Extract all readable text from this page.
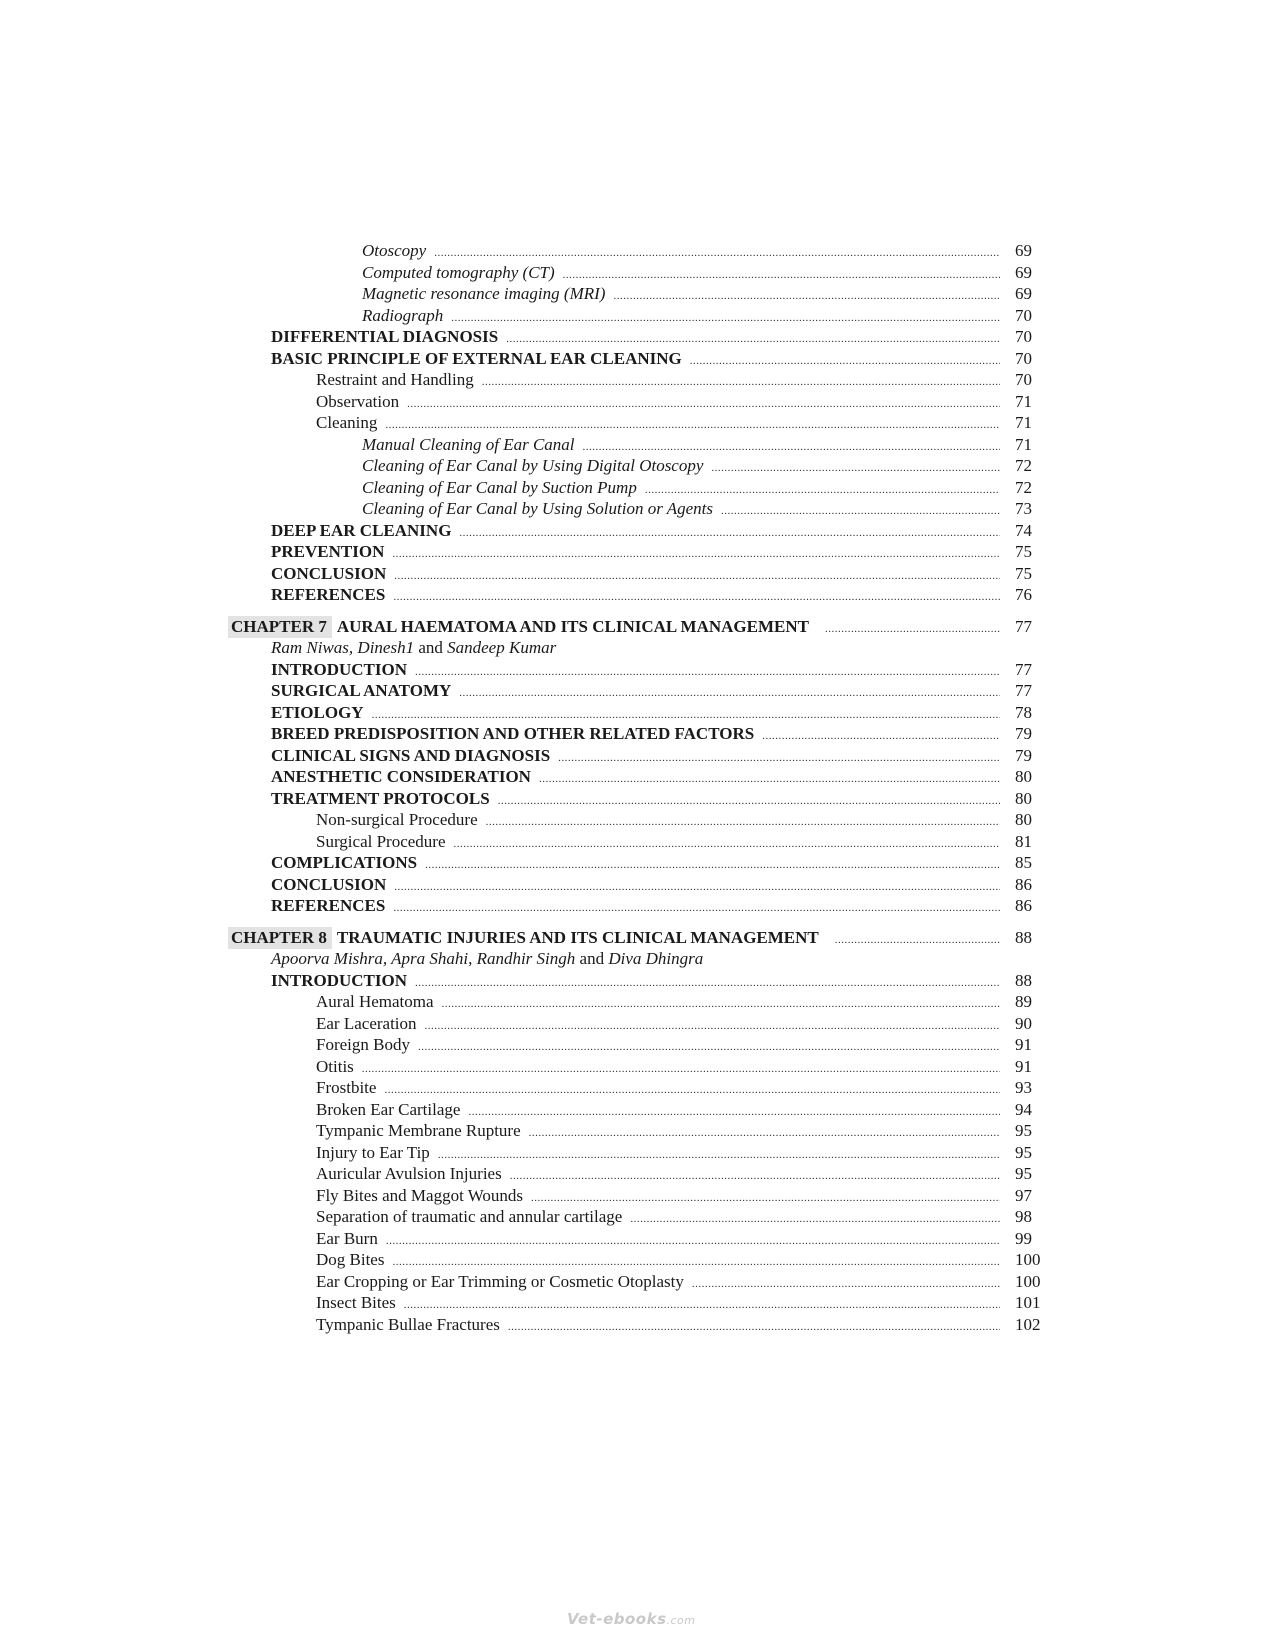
Otoscopy .....	69
Computed tomography (CT) .....	69
Magnetic resonance imaging (MRI) .....	69
Radiograph .....	70
DIFFERENTIAL DIAGNOSIS .....	70
BASIC PRINCIPLE OF EXTERNAL EAR CLEANING .....	70
Restraint and Handling .....	70
Observation .....	71
Cleaning .....	71
Manual Cleaning of Ear Canal .....	71
Cleaning of Ear Canal by Using Digital Otoscopy .....	72
Cleaning of Ear Canal by Suction Pump .....	72
Cleaning of Ear Canal by Using Solution or Agents .....	73
DEEP EAR CLEANING .....	74
PREVENTION .....	75
CONCLUSION .....	75
REFERENCES .....	76
CHAPTER 7 AURAL HAEMATOMA AND ITS CLINICAL MANAGEMENT .....	77
Ram Niwas, Dinesh1 and Sandeep Kumar
INTRODUCTION .....	77
SURGICAL ANATOMY .....	77
ETIOLOGY .....	78
BREED PREDISPOSITION AND OTHER RELATED FACTORS .....	79
CLINICAL SIGNS AND DIAGNOSIS .....	79
ANESTHETIC CONSIDERATION .....	80
TREATMENT PROTOCOLS .....	80
Non-surgical Procedure .....	80
Surgical Procedure .....	81
COMPLICATIONS .....	85
CONCLUSION .....	86
REFERENCES .....	86
CHAPTER 8 TRAUMATIC INJURIES AND ITS CLINICAL MANAGEMENT .....	88
Apoorva Mishra, Apra Shahi, Randhir Singh and Diva Dhingra
INTRODUCTION .....	88
Aural Hematoma .....	89
Ear Laceration .....	90
Foreign Body .....	91
Otitis .....	91
Frostbite .....	93
Broken Ear Cartilage .....	94
Tympanic Membrane Rupture .....	95
Injury to Ear Tip .....	95
Auricular Avulsion Injuries .....	95
Fly Bites and Maggot Wounds .....	97
Separation of traumatic and annular cartilage .....	98
Ear Burn .....	99
Dog Bites .....	100
Ear Cropping or Ear Trimming or Cosmetic Otoplasty .....	100
Insect Bites .....	101
Tympanic Bullae Fractures .....	102
Vet-ebooks.com
